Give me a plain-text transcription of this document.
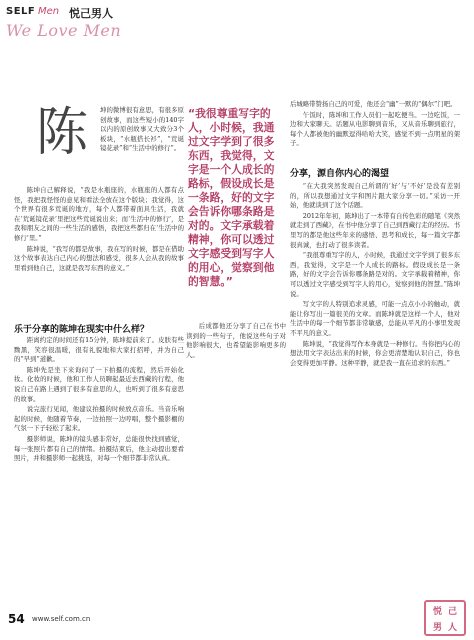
SELF Men 悦己男人
We Love Men
陈	坤的微博很有意思，有很多原创故事，而这些短小的140字以内的原创故事又大致分3个板块，“水瓶搭长衫”，“荒诞镜花录”和“生活中的修行”。

陈坤自己解释说，“我是水瓶座的，水瓶座的人都有点怪，我把我怪怪的意见和看法全放在这个版块；我觉得，这个世界有很多荒诞的地方，每个人都带着面具生活，我就在‘荒诞镜花录’里把这些荒诞说出来；而‘生活中的修行’，是我和朋友之间的一些生活的感悟，我把这些都归在‘生活中的修行’里。”

陈坤说，“我写的都是故事，我在写的时候，都是在借助这个故事表达自己内心的想法和感受，很多人会从我的故事里看到他自己，这就是我写东西的意义。”

乐于分享的陈坤在现实中什么样？

距离约定的时间还有15分钟，陈坤提前来了。皮肤有些黝黑，笑容很温暖，很有礼貌地和大家打招呼，并为自己的“早到”道歉。

陈坤先是坐下来询问了一下拍摄的流程，然后开始化妆。化妆的时候，他和工作人员聊起最近去西藏的行程，他说自己在路上遇到了很多有意思的人，也听到了很多有意思的故事。

说完旅行见闻，他建议拍摄的时候放点音乐。当音乐响起的时候，他随着节奏，一边拍照一边哼唱，整个摄影棚的气氛一下子轻松了起来。

摄影师说，陈坤的镜头感非常好，总能很快找到感觉，每一张照片都有自己的情绪。拍摄结束后，他主动提出要看照片，并和摄影师一起挑选，对每一个细节都非常认真。

“我很尊重写字的人，小时候，我通过文字学到了很多东西，我觉得，文字是一个人成长的路标，假设成长是一条路，好的文字会告诉你哪条路是对的。文字承载着精神，你可以透过文字感受到写字人的用心，觉察到他的智慧。”

后成都他还分享了自己在书中读到的一些句子，他说这些句子对他影响很大，也希望能影响更多的人。

后城略带赞扬自己的可爱，他还会“幽”一默的“偶尔”门吧。

午饭时，陈坤和工作人员们一起吃便当。一边吃饭，一边和大家聊天。话题从电影聊到音乐，又从音乐聊到旅行，每个人都被他的幽默逗得哈哈大笑，感觉不到一点明星的架子。

分享，源自你内心的渴望

“在大我突然发现自己所谓的‘好’与‘不好’是没有差别的，所以我想通过文字和图片跟大家分享一切。”采访一开始，他就谈到了这个话题。

2012年年初，陈坤出了一本带有自传色彩的随笔《突然就走到了西藏》，在书中他分享了自己到西藏行走的经历。书里写的都是他这些年来的感悟、思考和成长，每一篇文字都很真诚，也打动了很多读者。

“我很尊重写字的人，小时候，我通过文字学到了很多东西，我觉得，文字是一个人成长的路标。假设成长是一条路，好的文字会告诉你哪条路是对的。文字承载着精神，你可以透过文字感受到写字人的用心，觉察到他的智慧。”陈坤说。

写文字的人特别追求灵感，可能一点点小小的触动，就能让你写出一篇很美的文章。而陈坤就是这样一个人，他对生活中的每一个细节都非常敏感，总能从平凡的小事里发现不平凡的意义。

陈坤说，“我觉得写作本身就是一种修行。当你把内心的想法用文字表达出来的时候，你会更清楚地认识自己，你也会变得更加平静。这种平静，就是我一直在追求的东西。”

54 www.self.com.cn
悦 己
男 人
